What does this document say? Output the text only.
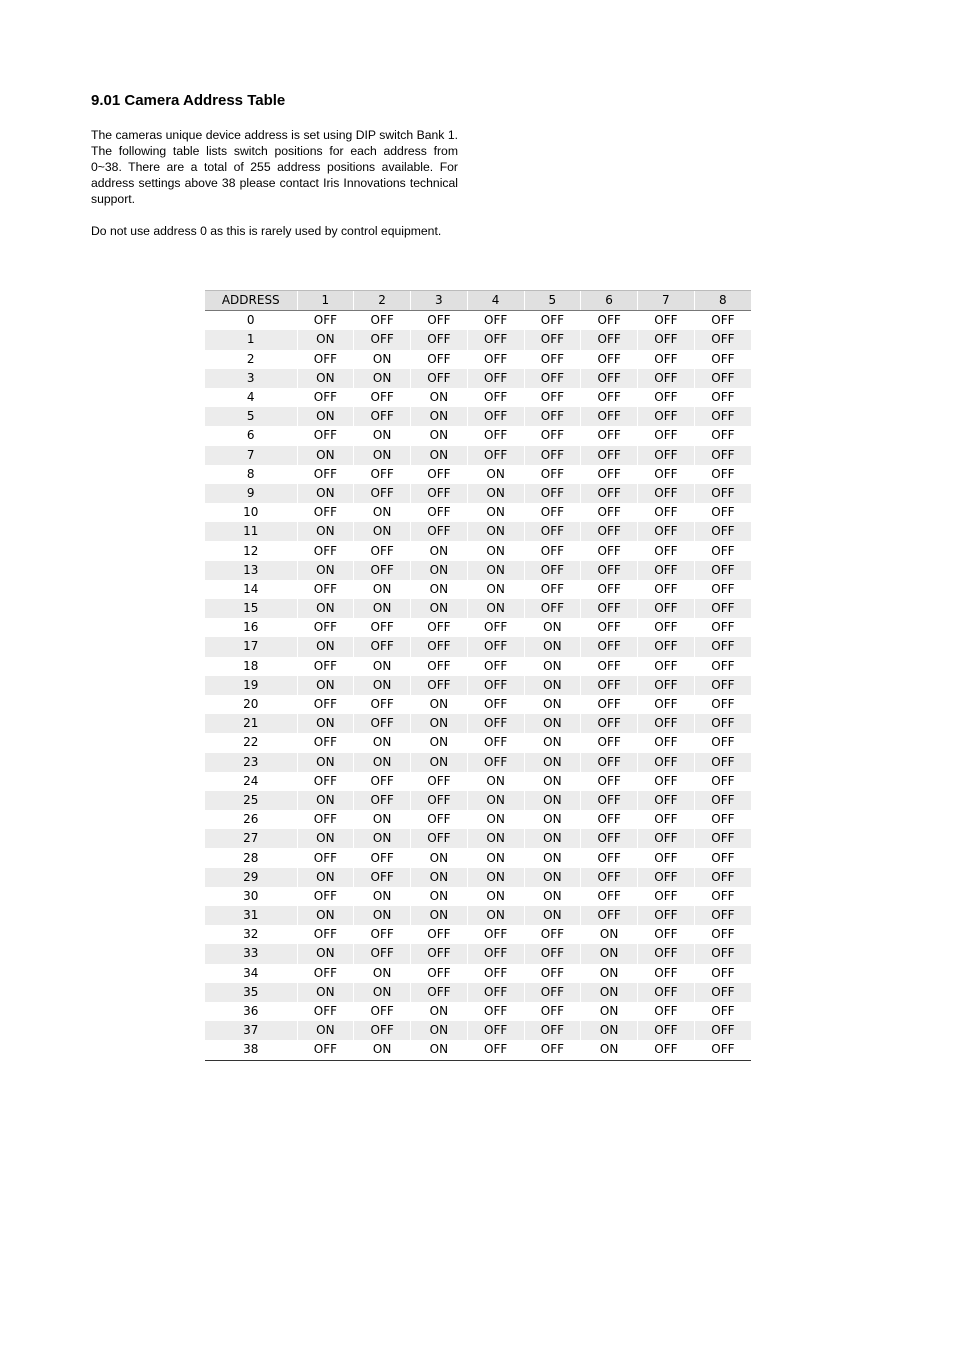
9.01 Camera Address Table

The cameras unique device address is set using DIP switch Bank 1. The following table lists switch positions for each address from 0~38. There are a total of 255 address positions available. For address settings above 38 please contact Iris Innovations technical support.

Do not use address 0 as this is rarely used by control equipment.

ADDRESS	1	2	3	4	5	6	7	8
0	OFF	OFF	OFF	OFF	OFF	OFF	OFF	OFF
1	ON	OFF	OFF	OFF	OFF	OFF	OFF	OFF
2	OFF	ON	OFF	OFF	OFF	OFF	OFF	OFF
3	ON	ON	OFF	OFF	OFF	OFF	OFF	OFF
4	OFF	OFF	ON	OFF	OFF	OFF	OFF	OFF
5	ON	OFF	ON	OFF	OFF	OFF	OFF	OFF
6	OFF	ON	ON	OFF	OFF	OFF	OFF	OFF
7	ON	ON	ON	OFF	OFF	OFF	OFF	OFF
8	OFF	OFF	OFF	ON	OFF	OFF	OFF	OFF
9	ON	OFF	OFF	ON	OFF	OFF	OFF	OFF
10	OFF	ON	OFF	ON	OFF	OFF	OFF	OFF
11	ON	ON	OFF	ON	OFF	OFF	OFF	OFF
12	OFF	OFF	ON	ON	OFF	OFF	OFF	OFF
13	ON	OFF	ON	ON	OFF	OFF	OFF	OFF
14	OFF	ON	ON	ON	OFF	OFF	OFF	OFF
15	ON	ON	ON	ON	OFF	OFF	OFF	OFF
16	OFF	OFF	OFF	OFF	ON	OFF	OFF	OFF
17	ON	OFF	OFF	OFF	ON	OFF	OFF	OFF
18	OFF	ON	OFF	OFF	ON	OFF	OFF	OFF
19	ON	ON	OFF	OFF	ON	OFF	OFF	OFF
20	OFF	OFF	ON	OFF	ON	OFF	OFF	OFF
21	ON	OFF	ON	OFF	ON	OFF	OFF	OFF
22	OFF	ON	ON	OFF	ON	OFF	OFF	OFF
23	ON	ON	ON	OFF	ON	OFF	OFF	OFF
24	OFF	OFF	OFF	ON	ON	OFF	OFF	OFF
25	ON	OFF	OFF	ON	ON	OFF	OFF	OFF
26	OFF	ON	OFF	ON	ON	OFF	OFF	OFF
27	ON	ON	OFF	ON	ON	OFF	OFF	OFF
28	OFF	OFF	ON	ON	ON	OFF	OFF	OFF
29	ON	OFF	ON	ON	ON	OFF	OFF	OFF
30	OFF	ON	ON	ON	ON	OFF	OFF	OFF
31	ON	ON	ON	ON	ON	OFF	OFF	OFF
32	OFF	OFF	OFF	OFF	OFF	ON	OFF	OFF
33	ON	OFF	OFF	OFF	OFF	ON	OFF	OFF
34	OFF	ON	OFF	OFF	OFF	ON	OFF	OFF
35	ON	ON	OFF	OFF	OFF	ON	OFF	OFF
36	OFF	OFF	ON	OFF	OFF	ON	OFF	OFF
37	ON	OFF	ON	OFF	OFF	ON	OFF	OFF
38	OFF	ON	ON	OFF	OFF	ON	OFF	OFF
